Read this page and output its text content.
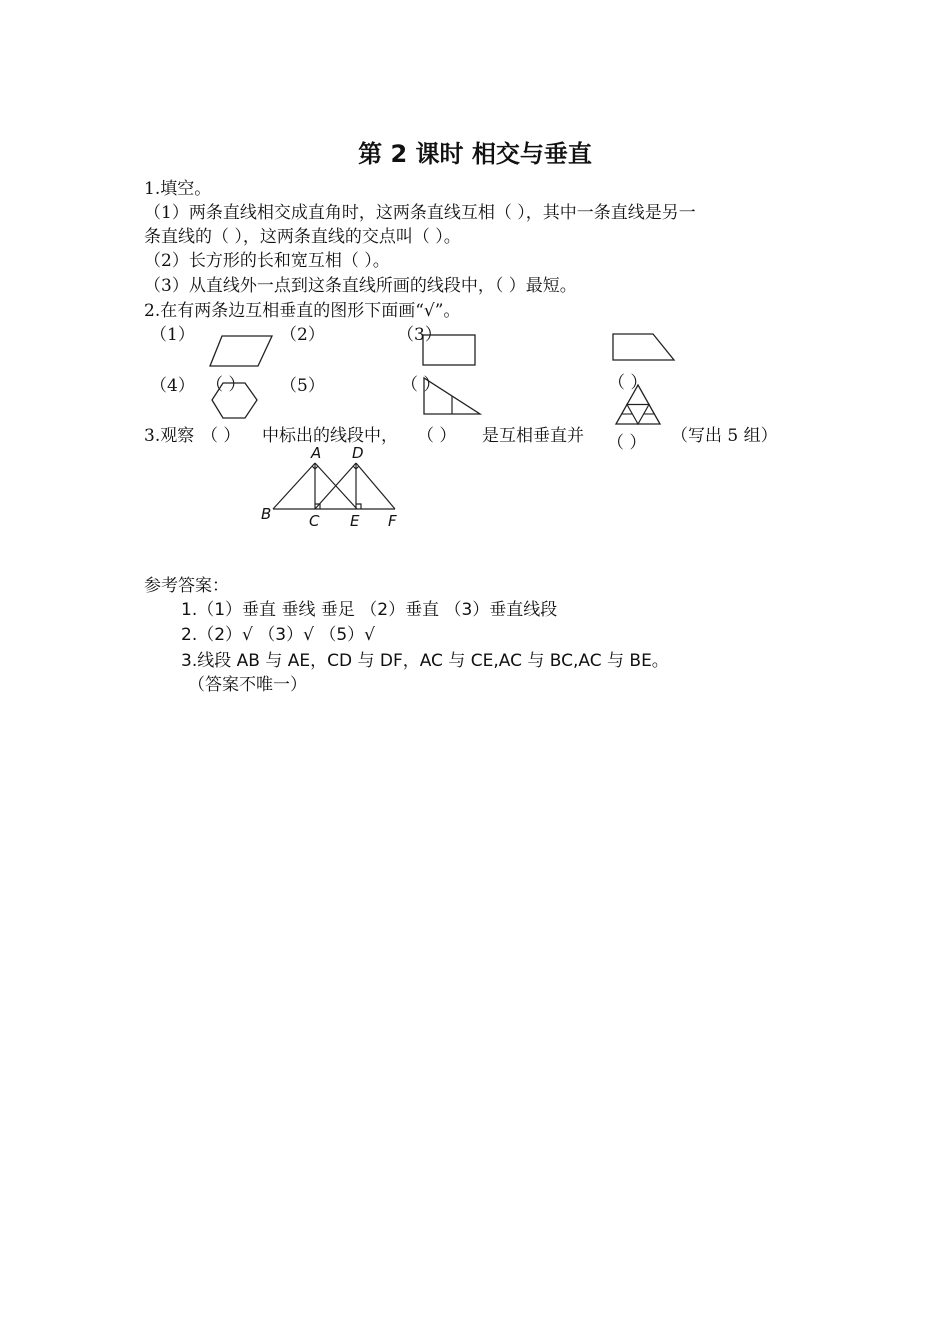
第 2 课时 相交与垂直
1.填空。
（1）两条直线相交成直角时，这两条直线互相（ ），其中一条直线是另一
条直线的（ ），这两条直线的交点叫（ ）。
（2）长方形的长和宽互相（ ）。
（3）从直线外一点到这条直线所画的线段中，（ ）最短。
2.在有两条边互相垂直的图形下面画“√”。
（1）	（2）	（3）
（4） （ ） （5）	（ ）	（ ）
3.观察 （ ） 中标出的线段中， （ ） 是互相垂直并 （ ） （写出 5 组）
A D
B	C E F
参考答案：
1.（1）垂直 垂线 垂足 （2）垂直 （3）垂直线段
2.（2）√ （3）√ （5）√
3.线段 AB 与 AE，CD 与 DF，AC 与 CE,AC 与 BC,AC 与 BE。
（答案不唯一）
